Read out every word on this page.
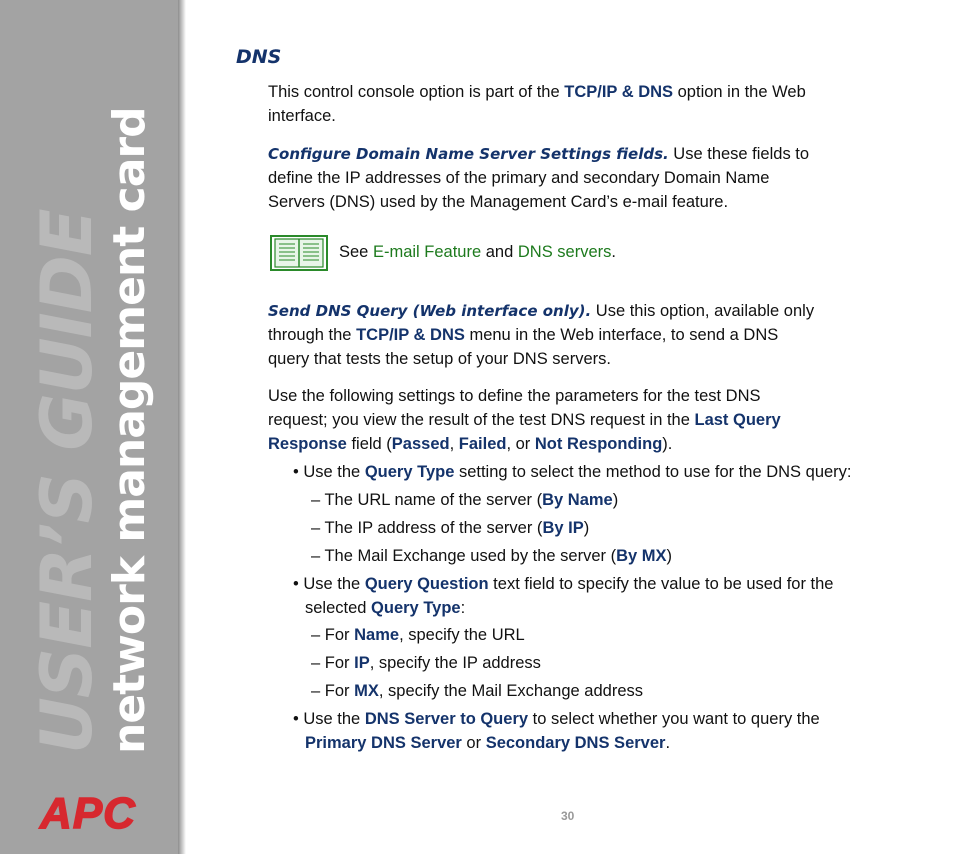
USER’S GUIDE
network management card
APC
DNS
This control console option is part of the TCP/IP & DNS option in the Web
interface.
Configure Domain Name Server Settings fields. Use these fields to
define the IP addresses of the primary and secondary Domain Name
Servers (DNS) used by the Management Card’s e-mail feature.
See E-mail Feature and DNS servers.
Send DNS Query (Web interface only). Use this option, available only
through the TCP/IP & DNS menu in the Web interface, to send a DNS
query that tests the setup of your DNS servers.
Use the following settings to define the parameters for the test DNS
request; you view the result of the test DNS request in the Last Query
Response field (Passed, Failed, or Not Responding).
• Use the Query Type setting to select the method to use for the DNS query:
– The URL name of the server (By Name)
– The IP address of the server (By IP)
– The Mail Exchange used by the server (By MX)
• Use the Query Question text field to specify the value to be used for the
selected Query Type:
– For Name, specify the URL
– For IP, specify the IP address
– For MX, specify the Mail Exchange address
• Use the DNS Server to Query to select whether you want to query the
Primary DNS Server or Secondary DNS Server.
30
